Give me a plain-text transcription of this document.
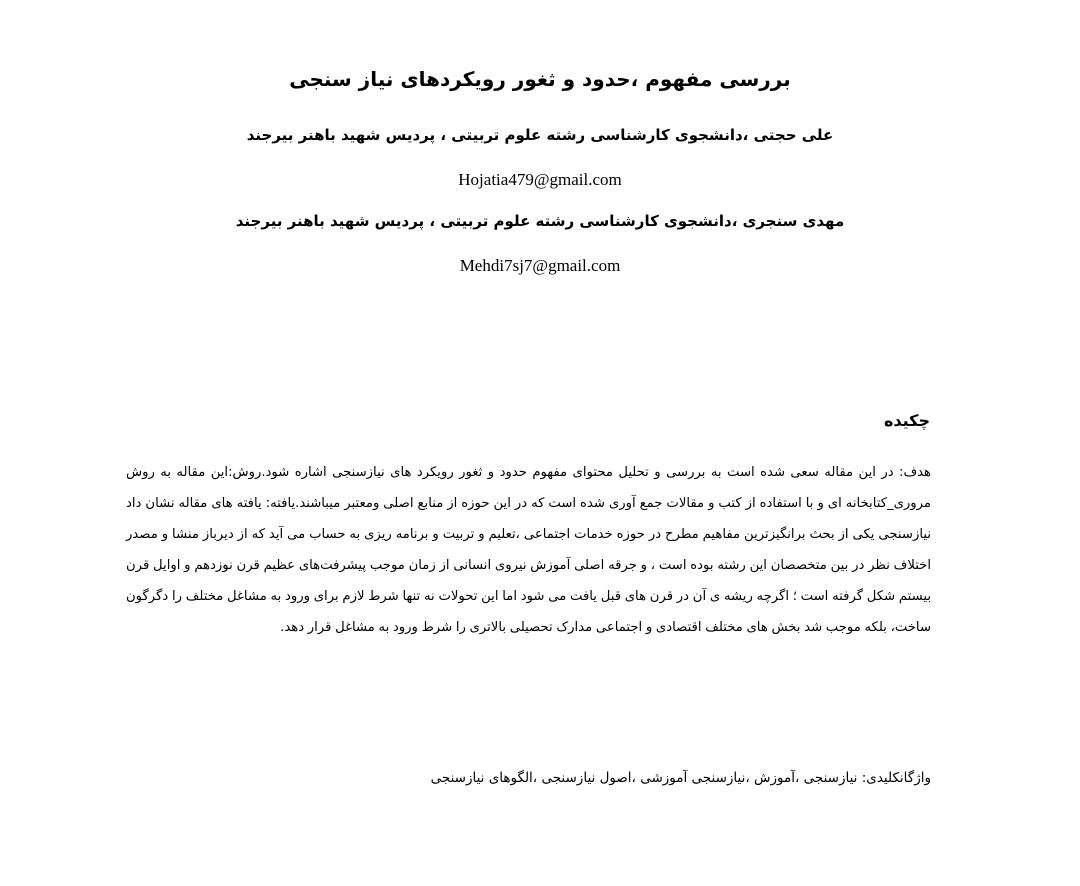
بررسی مفهوم ،حدود و ثغور رویکردهای نیاز سنجی
علی حجتی ،دانشجوی کارشناسی رشته علوم تربیتی ، پردیس شهید باهنر بیرجند
Hojatia479@gmail.com
مهدی سنجری ،دانشجوی کارشناسی رشته علوم تربیتی ، پردیس شهید باهنر بیرجند
Mehdi7sj7@gmail.com
چکیده
هدف: در این مقاله سعی شده است به بررسی و تحلیل محتوای مفهوم حدود و ثغور رویکرد های نیازسنجی اشاره شود.روش:این مقاله به روش مروری_کتابخانه ای و با استفاده از کتب و مقالات جمع آوری شده است که در این حوزه از منابع اصلی ومعتبر میباشند.یافته: یافته های مقاله نشان داد نیازسنجی یکی از بحث برانگیزترین مفاهیم مطرح در حوزه خدمات اجتماعی ،تعلیم و تربیت و برنامه ریزی به حساب می آید که از دیرباز منشا و مصدر اختلاف نظر در بین متخصصان این رشته بوده است ، و جرقه اصلی آموزش نیروی انسانی از زمان موجب پیشرفت‌های عظیم قرن نوزدهم و اوایل قرن بیستم شکل گرفته است ؛ اگرچه ریشه ی آن در قرن های قبل یافت می شود اما این تحولات نه تنها شرط لازم برای ورود به مشاغل مختلف را دگرگون ساخت، بلکه موجب شد بخش های مختلف اقتصادی و اجتماعی مدارک تحصیلی بالاتری را شرط ورود به مشاغل قرار دهد.
واژگانکلیدی: نیازسنجی ،آموزش ،نیازسنجی آموزشی ،اصول نیازسنجی ،الگوهای نیازسنجی
